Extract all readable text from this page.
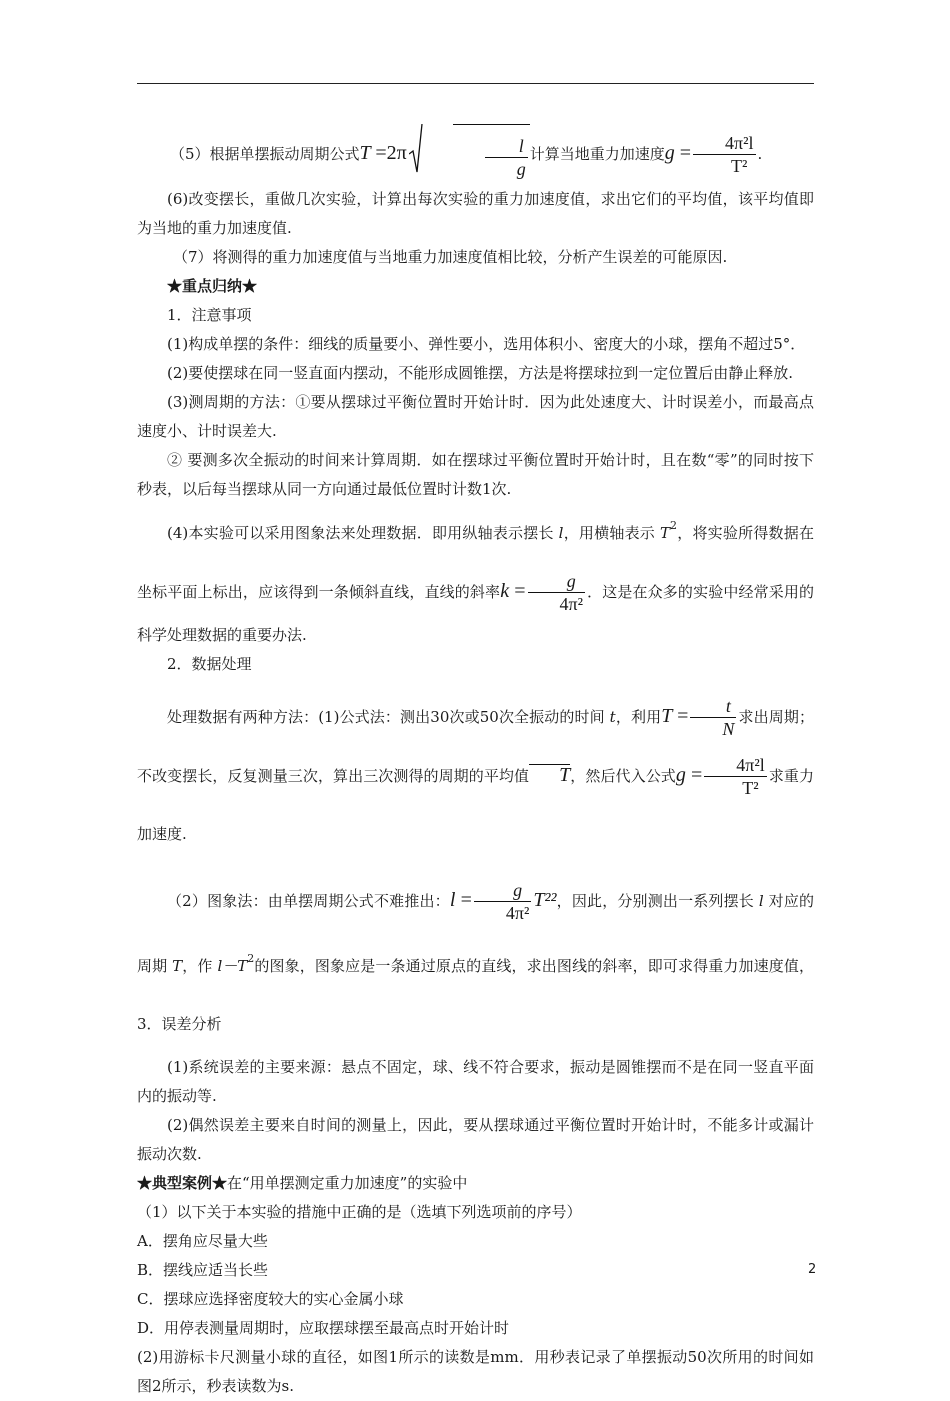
（5）根据单摆振动周期公式T =2π	$\frac{l}{g}$ 计算当地重力加速度$g = \frac{\text{4π²l}}{\text{T²}}$ .

(6)改变摆长，重做几次实验，计算出每次实验的重力加速度值，求出它们的平均值，该平均值即为当地的重力加速度值.

（7）将测得的重力加速度值与当地重力加速度值相比较，分析产生误差的可能原因.

★重点归纳★

1．注意事项

(1)构成单摆的条件：细线的质量要小、弹性要小，选用体积小、密度大的小球，摆角不超过5°．

(2)要使摆球在同一竖直面内摆动，不能形成圆锥摆，方法是将摆球拉到一定位置后由静止释放.

(3)测周期的方法：①要从摆球过平衡位置时开始计时．因为此处速度大、计时误差小，而最高点速度小、计时误差大.

② 要测多次全振动的时间来计算周期．如在摆球过平衡位置时开始计时，且在数“零”的同时按下秒表，以后每当摆球从同一方向通过最低位置时计数1次.

(4)本实验可以采用图象法来处理数据．即用纵轴表示摆长 l，用横轴表示 $T^2$，将实验所得数据在坐标平面上标出，应该得到一条倾斜直线，直线的斜率$k = \frac{g}{\text{4π²}}$ ．这是在众多的实验中经常采用的科学处理数据的重要办法.

2．数据处理

处理数据有两种方法：(1)公式法：测出30次或50次全振动的时间 t，利用$T = \frac{t}{N}$ 求出周期；不改变摆长，反复测量三次，算出三次测得的周期的平均值 T，然后代入公式$g = \frac{\text{4π²l}}{\text{T²}}$ 求重力加速度.

（2）图象法：由单摆周期公式不难推出：$l = \frac{g}{\text{4π²}} T^{22}$，因此，分别测出一系列摆长 l 对应的周期 T，作 $l-T^2$的图象，图象应是一条通过原点的直线，求出图线的斜率，即可求得重力加速度值， 3．误差分析

(1)系统误差的主要来源：悬点不固定，球、线不符合要求，振动是圆锥摆而不是在同一竖直平面内的振动等.

(2)偶然误差主要来自时间的测量上，因此，要从摆球通过平衡位置时开始计时，不能多计或漏计振动次数.

★典型案例★在“用单摆测定重力加速度”的实验中

（1）以下关于本实验的措施中正确的是（选填下列选项前的序号）

A．摆角应尽量大些

B．摆线应适当长些

C．摆球应选择密度较大的实心金属小球

D．用停表测量周期时，应取摆球摆至最高点时开始计时

(2)用游标卡尺测量小球的直径，如图1所示的读数是mm．用秒表记录了单摆振动50次所用的时间如图2所示，秒表读数为s.

2
